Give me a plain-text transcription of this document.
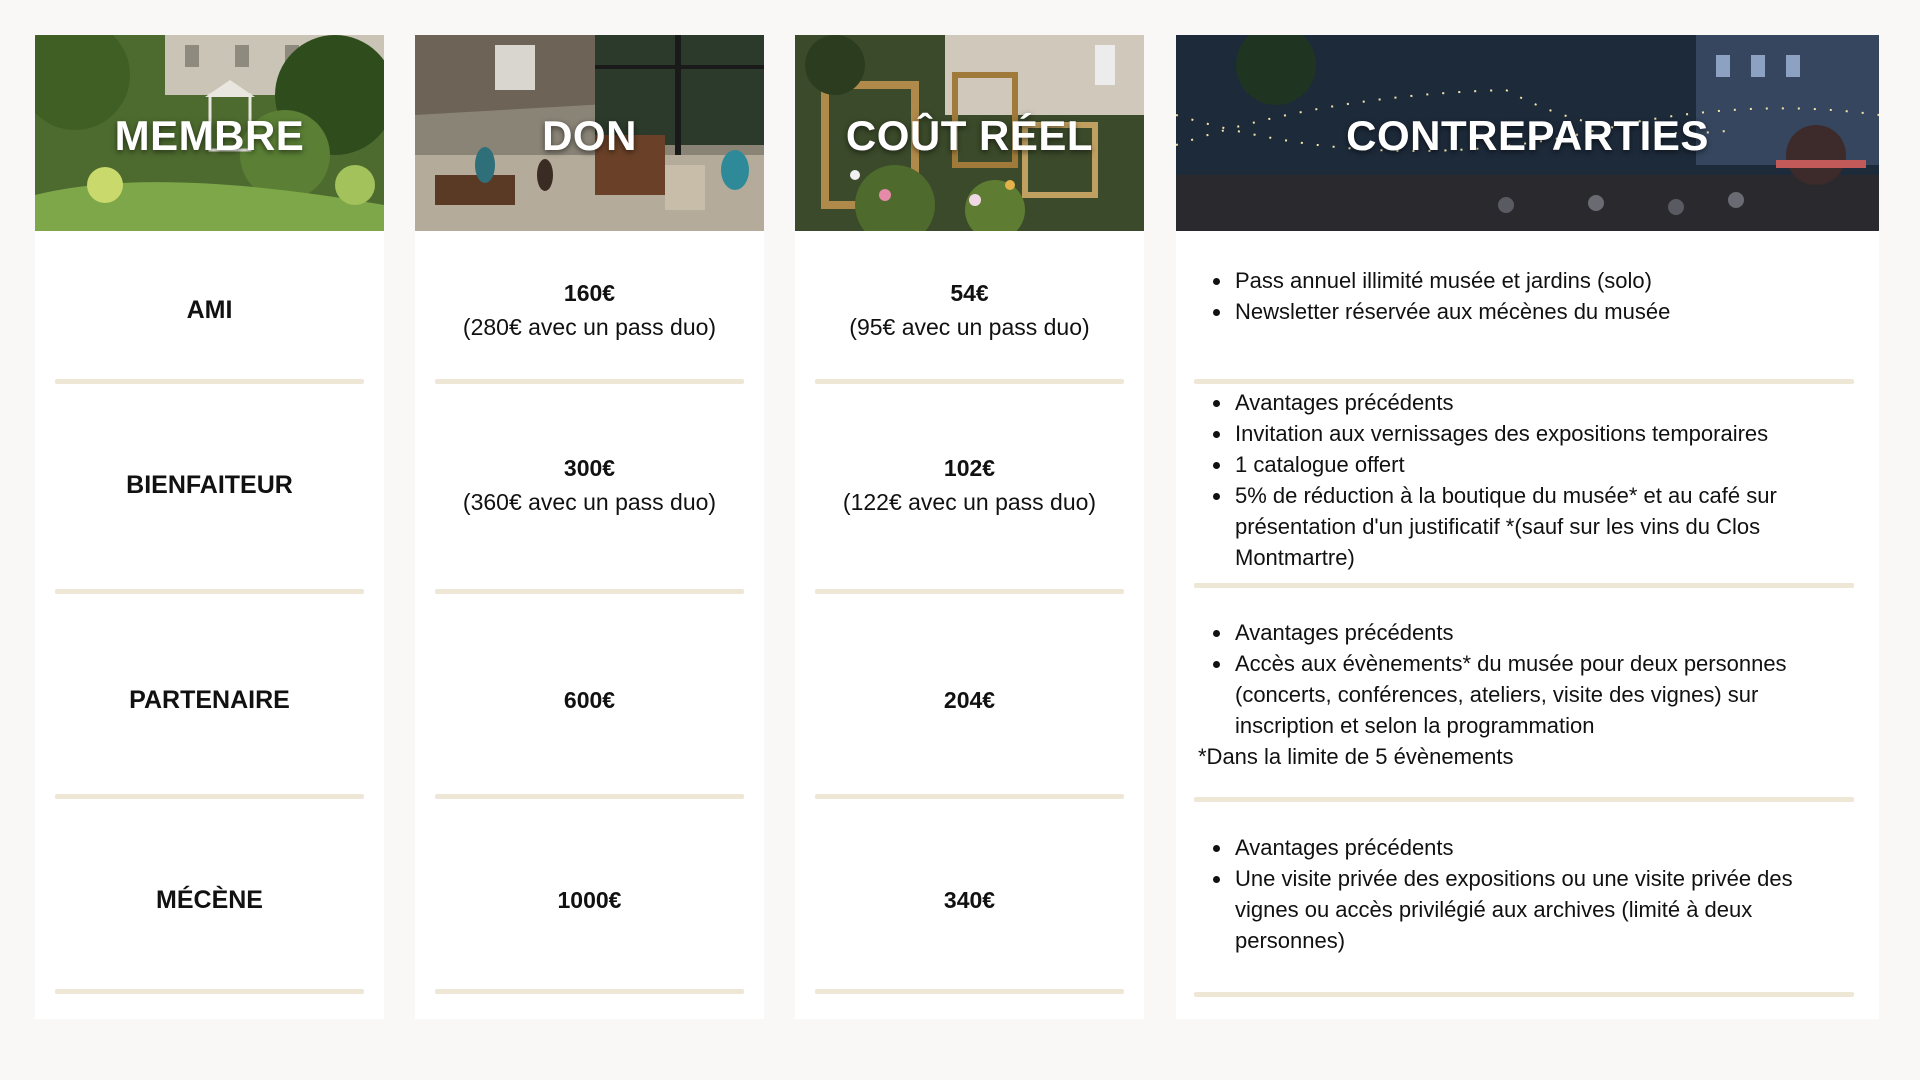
MEMBRE
AMI
BIENFAITEUR
PARTENAIRE
MÉCÈNE
DON
160€
(280€ avec un pass duo)
300€
(360€ avec un pass duo)
600€
1000€
COÛT RÉEL
54€
(95€ avec un pass duo)
102€
(122€ avec un pass duo)
204€
340€
CONTREPARTIES
• Pass annuel illimité musée et jardins (solo)
• Newsletter réservée aux mécènes du musée
• Avantages précédents
• Invitation aux vernissages des expositions temporaires
• 1 catalogue offert
• 5% de réduction à la boutique du musée* et au café sur présentation d'un justificatif *(sauf sur les vins du Clos Montmartre)
• Avantages précédents
• Accès aux évènements* du musée pour deux personnes (concerts, conférences, ateliers, visite des vignes) sur inscription et selon la programmation
*Dans la limite de 5 évènements
• Avantages précédents
• Une visite privée des expositions ou une visite privée des vignes ou accès privilégié aux archives (limité à deux personnes)
